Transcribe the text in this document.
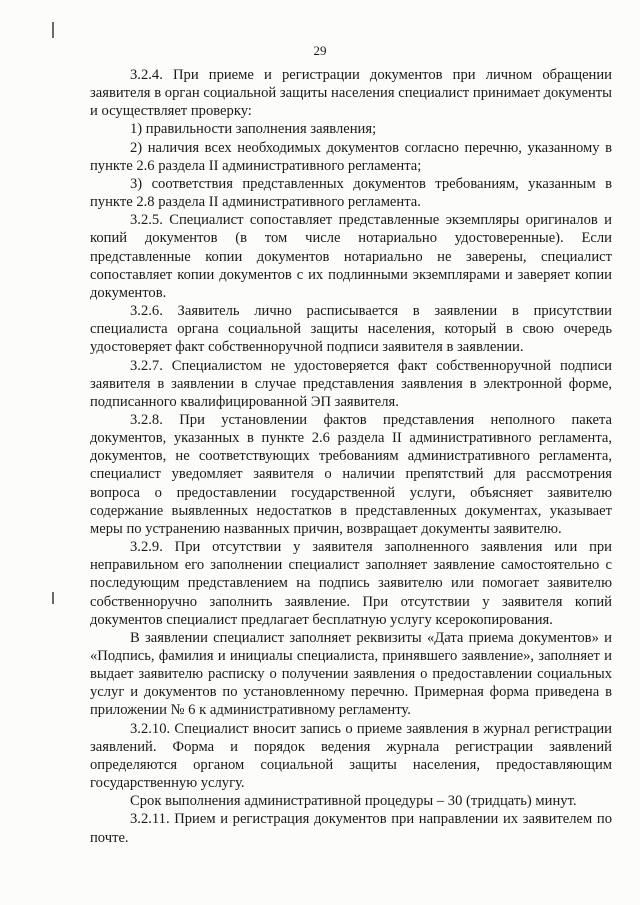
29

3.2.4. При приеме и регистрации документов при личном обращении заявителя в орган социальной защиты населения специалист принимает документы и осуществляет проверку:

1) правильности заполнения заявления;

2) наличия всех необходимых документов согласно перечню, указанному в пункте 2.6 раздела II административного регламента;

3) соответствия представленных документов требованиям, указанным в пункте 2.8 раздела II административного регламента.

3.2.5. Специалист сопоставляет представленные экземпляры оригиналов и копий документов (в том числе нотариально удостоверенные). Если представленные копии документов нотариально не заверены, специалист сопоставляет копии документов с их подлинными экземплярами и заверяет копии документов.

3.2.6. Заявитель лично расписывается в заявлении в присутствии специалиста органа социальной защиты населения, который в свою очередь удостоверяет факт собственноручной подписи заявителя в заявлении.

3.2.7. Специалистом не удостоверяется факт собственноручной подписи заявителя в заявлении в случае представления заявления в электронной форме, подписанного квалифицированной ЭП заявителя.

3.2.8. При установлении фактов представления неполного пакета документов, указанных в пункте 2.6 раздела II административного регламента, документов, не соответствующих требованиям административного регламента, специалист уведомляет заявителя о наличии препятствий для рассмотрения вопроса о предоставлении государственной услуги, объясняет заявителю содержание выявленных недостатков в представленных документах, указывает меры по устранению названных причин, возвращает документы заявителю.

3.2.9. При отсутствии у заявителя заполненного заявления или при неправильном его заполнении специалист заполняет заявление самостоятельно с последующим представлением на подпись заявителю или помогает заявителю собственноручно заполнить заявление. При отсутствии у заявителя копий документов специалист предлагает бесплатную услугу ксерокопирования.

В заявлении специалист заполняет реквизиты «Дата приема документов» и «Подпись, фамилия и инициалы специалиста, принявшего заявление», заполняет и выдает заявителю расписку о получении заявления о предоставлении социальных услуг и документов по установленному перечню. Примерная форма приведена в приложении № 6 к административному регламенту.

3.2.10. Специалист вносит запись о приеме заявления в журнал регистрации заявлений. Форма и порядок ведения журнала регистрации заявлений определяются органом социальной защиты населения, предоставляющим государственную услугу.

Срок выполнения административной процедуры – 30 (тридцать) минут.

3.2.11. Прием и регистрация документов при направлении их заявителем по почте.
